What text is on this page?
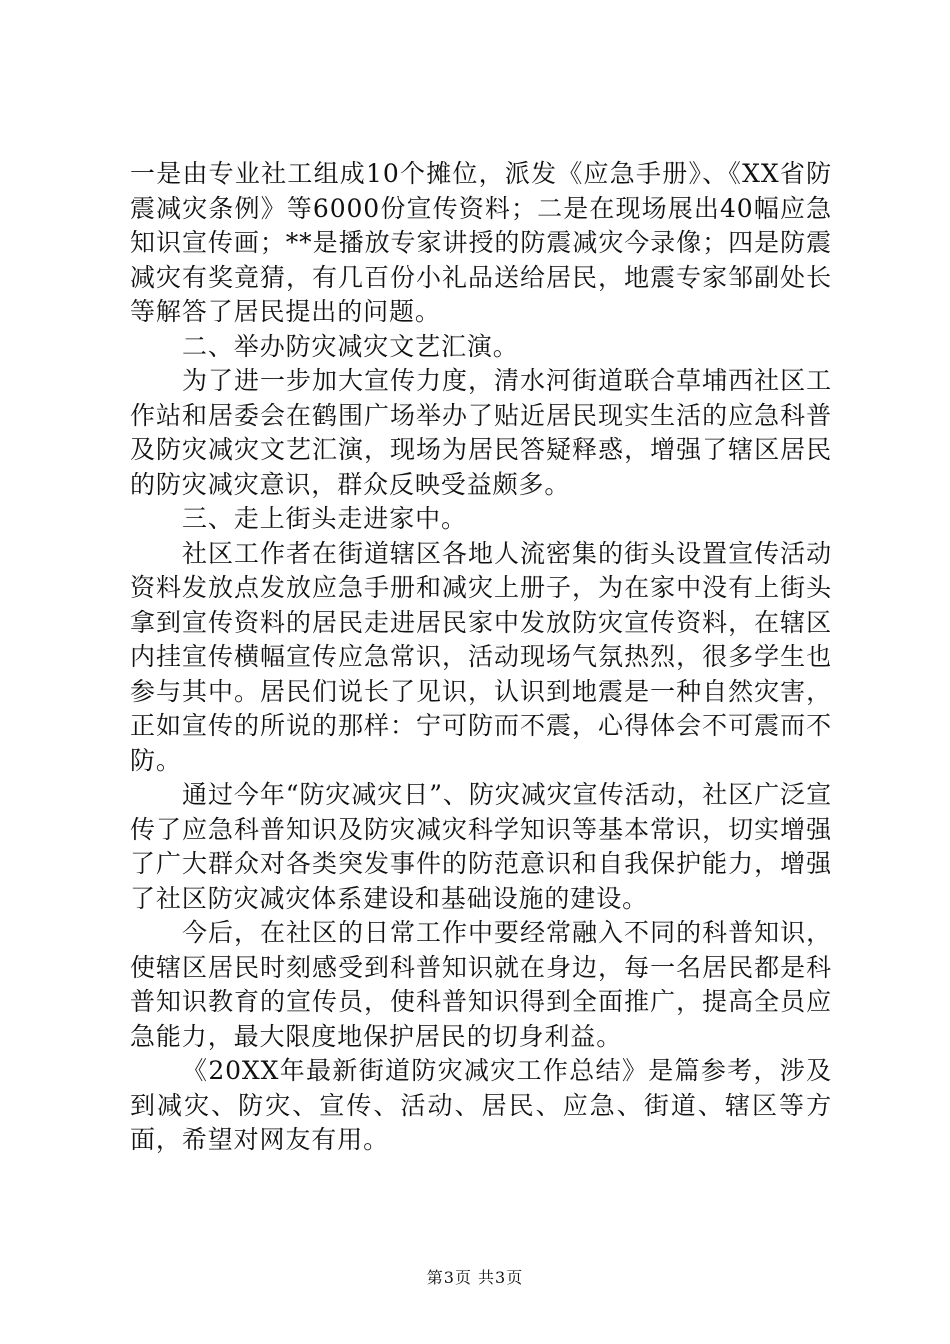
一是由专业社工组成10个摊位，派发《应急手册》、《XX省防震减灾条例》等6000份宣传资料；二是在现场展出40幅应急知识宣传画；**是播放专家讲授的防震减灾今录像；四是防震减灾有奖竟猜，有几百份小礼品送给居民，地震专家邹副处长等解答了居民提出的问题。

二、举办防灾减灾文艺汇演。

为了进一步加大宣传力度，清水河街道联合草埔西社区工作站和居委会在鹤围广场举办了贴近居民现实生活的应急科普及防灾减灾文艺汇演，现场为居民答疑释惑，增强了辖区居民的防灾减灾意识，群众反映受益颇多。

三、走上街头走进家中。

社区工作者在街道辖区各地人流密集的街头设置宣传活动资料发放点发放应急手册和减灾上册子，为在家中没有上街头拿到宣传资料的居民走进居民家中发放防灾宣传资料，在辖区内挂宣传横幅宣传应急常识，活动现场气氛热烈，很多学生也参与其中。居民们说长了见识，认识到地震是一种自然灾害，正如宣传的所说的那样：宁可防而不震，心得体会不可震而不防。

通过今年“防灾减灾日”、防灾减灾宣传活动，社区广泛宣传了应急科普知识及防灾减灾科学知识等基本常识，切实增强了广大群众对各类突发事件的防范意识和自我保护能力，增强了社区防灾减灾体系建设和基础设施的建设。

今后，在社区的日常工作中要经常融入不同的科普知识，使辖区居民时刻感受到科普知识就在身边，每一名居民都是科普知识教育的宣传员，使科普知识得到全面推广，提高全员应急能力，最大限度地保护居民的切身利益。

《20XX年最新街道防灾减灾工作总结》是篇参考，涉及到减灾、防灾、宣传、活动、居民、应急、街道、辖区等方面，希望对网友有用。

第3页 共3页
